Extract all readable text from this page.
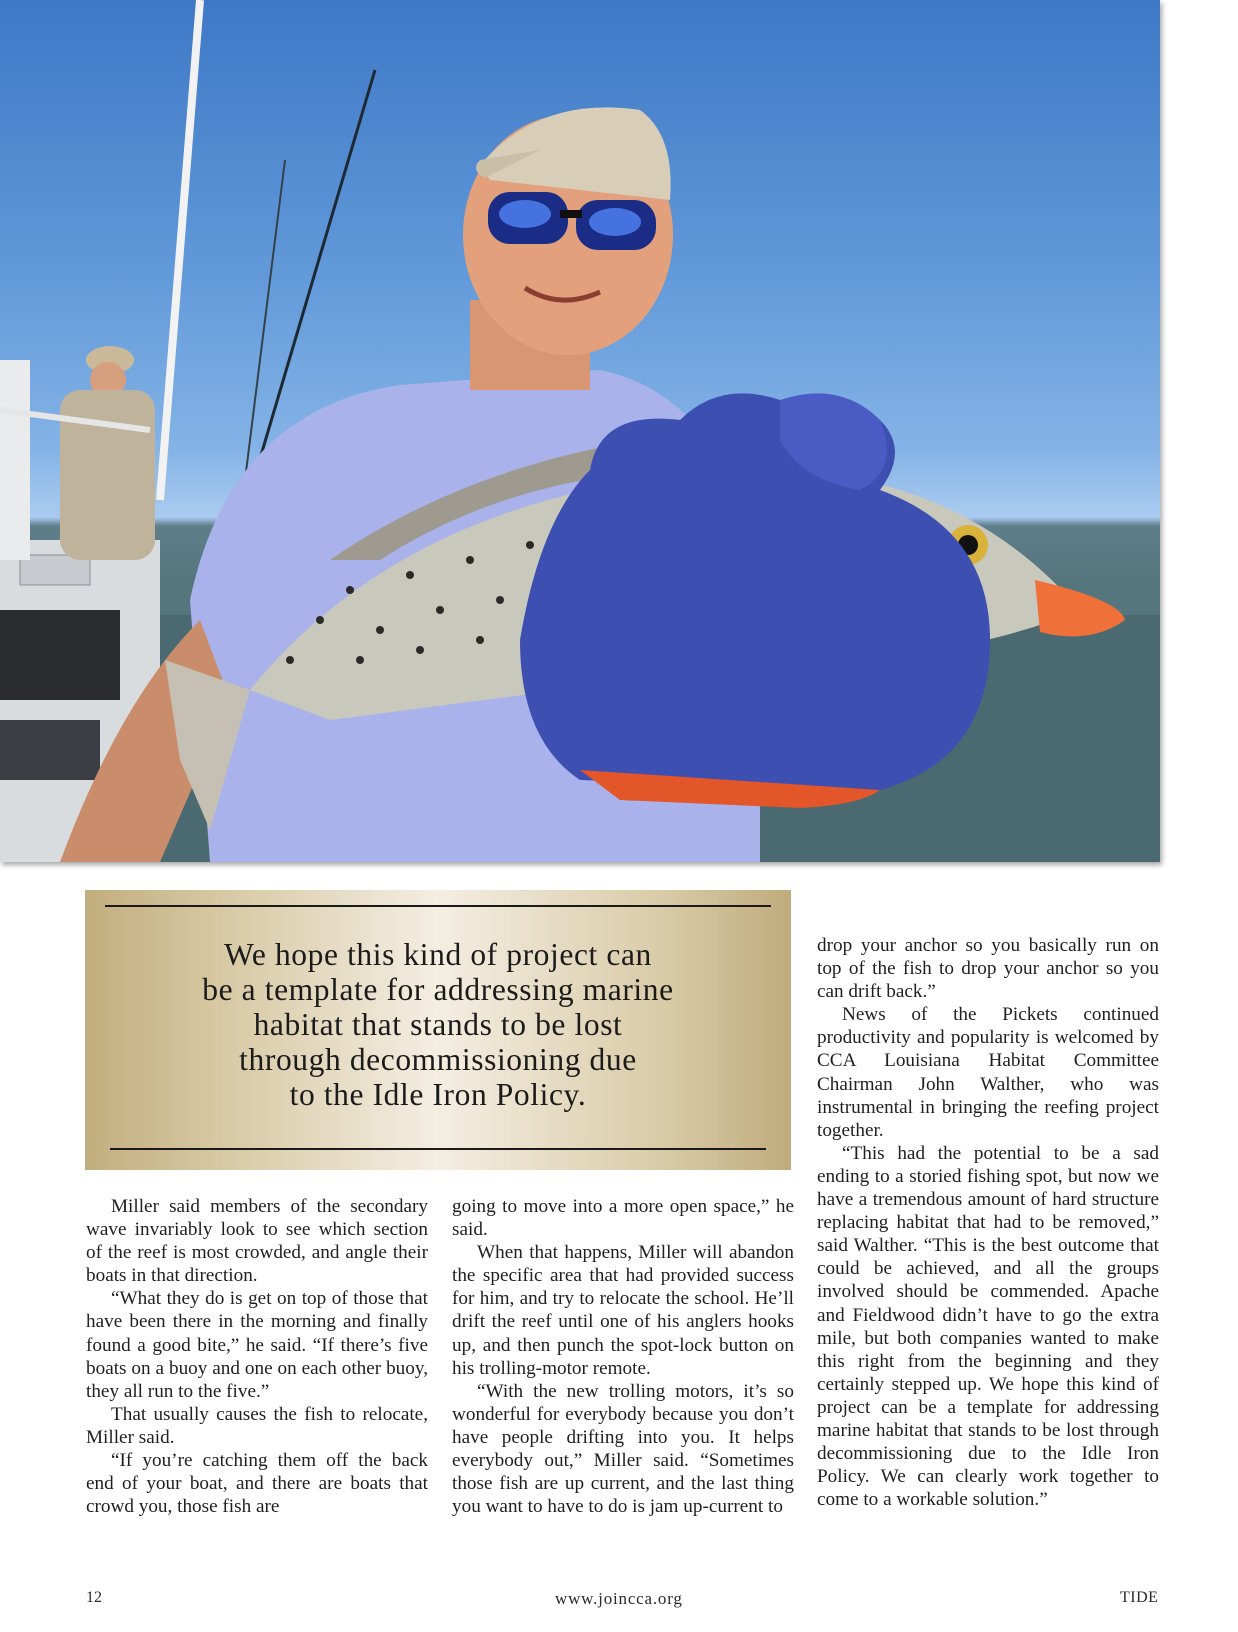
We hope this kind of project can
be a template for addressing marine
habitat that stands to be lost
through decommissioning due
to the Idle Iron Policy.

drop your anchor so you basically run on top of the fish to drop your anchor so you can drift back.”

News of the Pickets continued productivity and popularity is welcomed by CCA Louisiana Habitat Committee Chairman John Walther, who was instrumental in bringing the reefing project together.

“This had the potential to be a sad ending to a storied fishing spot, but now we have a tremendous amount of hard structure replacing habitat that had to be removed,” said Walther. “This is the best outcome that could be achieved, and all the groups involved should be commended. Apache and Fieldwood didn’t have to go the extra mile, but both companies wanted to make this right from the beginning and they certainly stepped up. We hope this kind of project can be a template for addressing marine habitat that stands to be lost through decommissioning due to the Idle Iron Policy. We can clearly work together to come to a workable solution.”

Miller said members of the secondary wave invariably look to see which section of the reef is most crowded, and angle their boats in that direction.

“What they do is get on top of those that have been there in the morning and finally found a good bite,” he said. “If there’s five boats on a buoy and one on each other buoy, they all run to the five.”

That usually causes the fish to relocate, Miller said.

“If you’re catching them off the back end of your boat, and there are boats that crowd you, those fish are

going to move into a more open space,” he said.

When that happens, Miller will abandon the specific area that had provided success for him, and try to relocate the school. He’ll drift the reef until one of his anglers hooks up, and then punch the spot-lock button on his trolling-motor remote.

“With the new trolling motors, it’s so wonderful for everybody because you don’t have people drifting into you. It helps everybody out,” Miller said. “Sometimes those fish are up current, and the last thing you want to have to do is jam up-current to

12	www.joincca.org	TIDE
